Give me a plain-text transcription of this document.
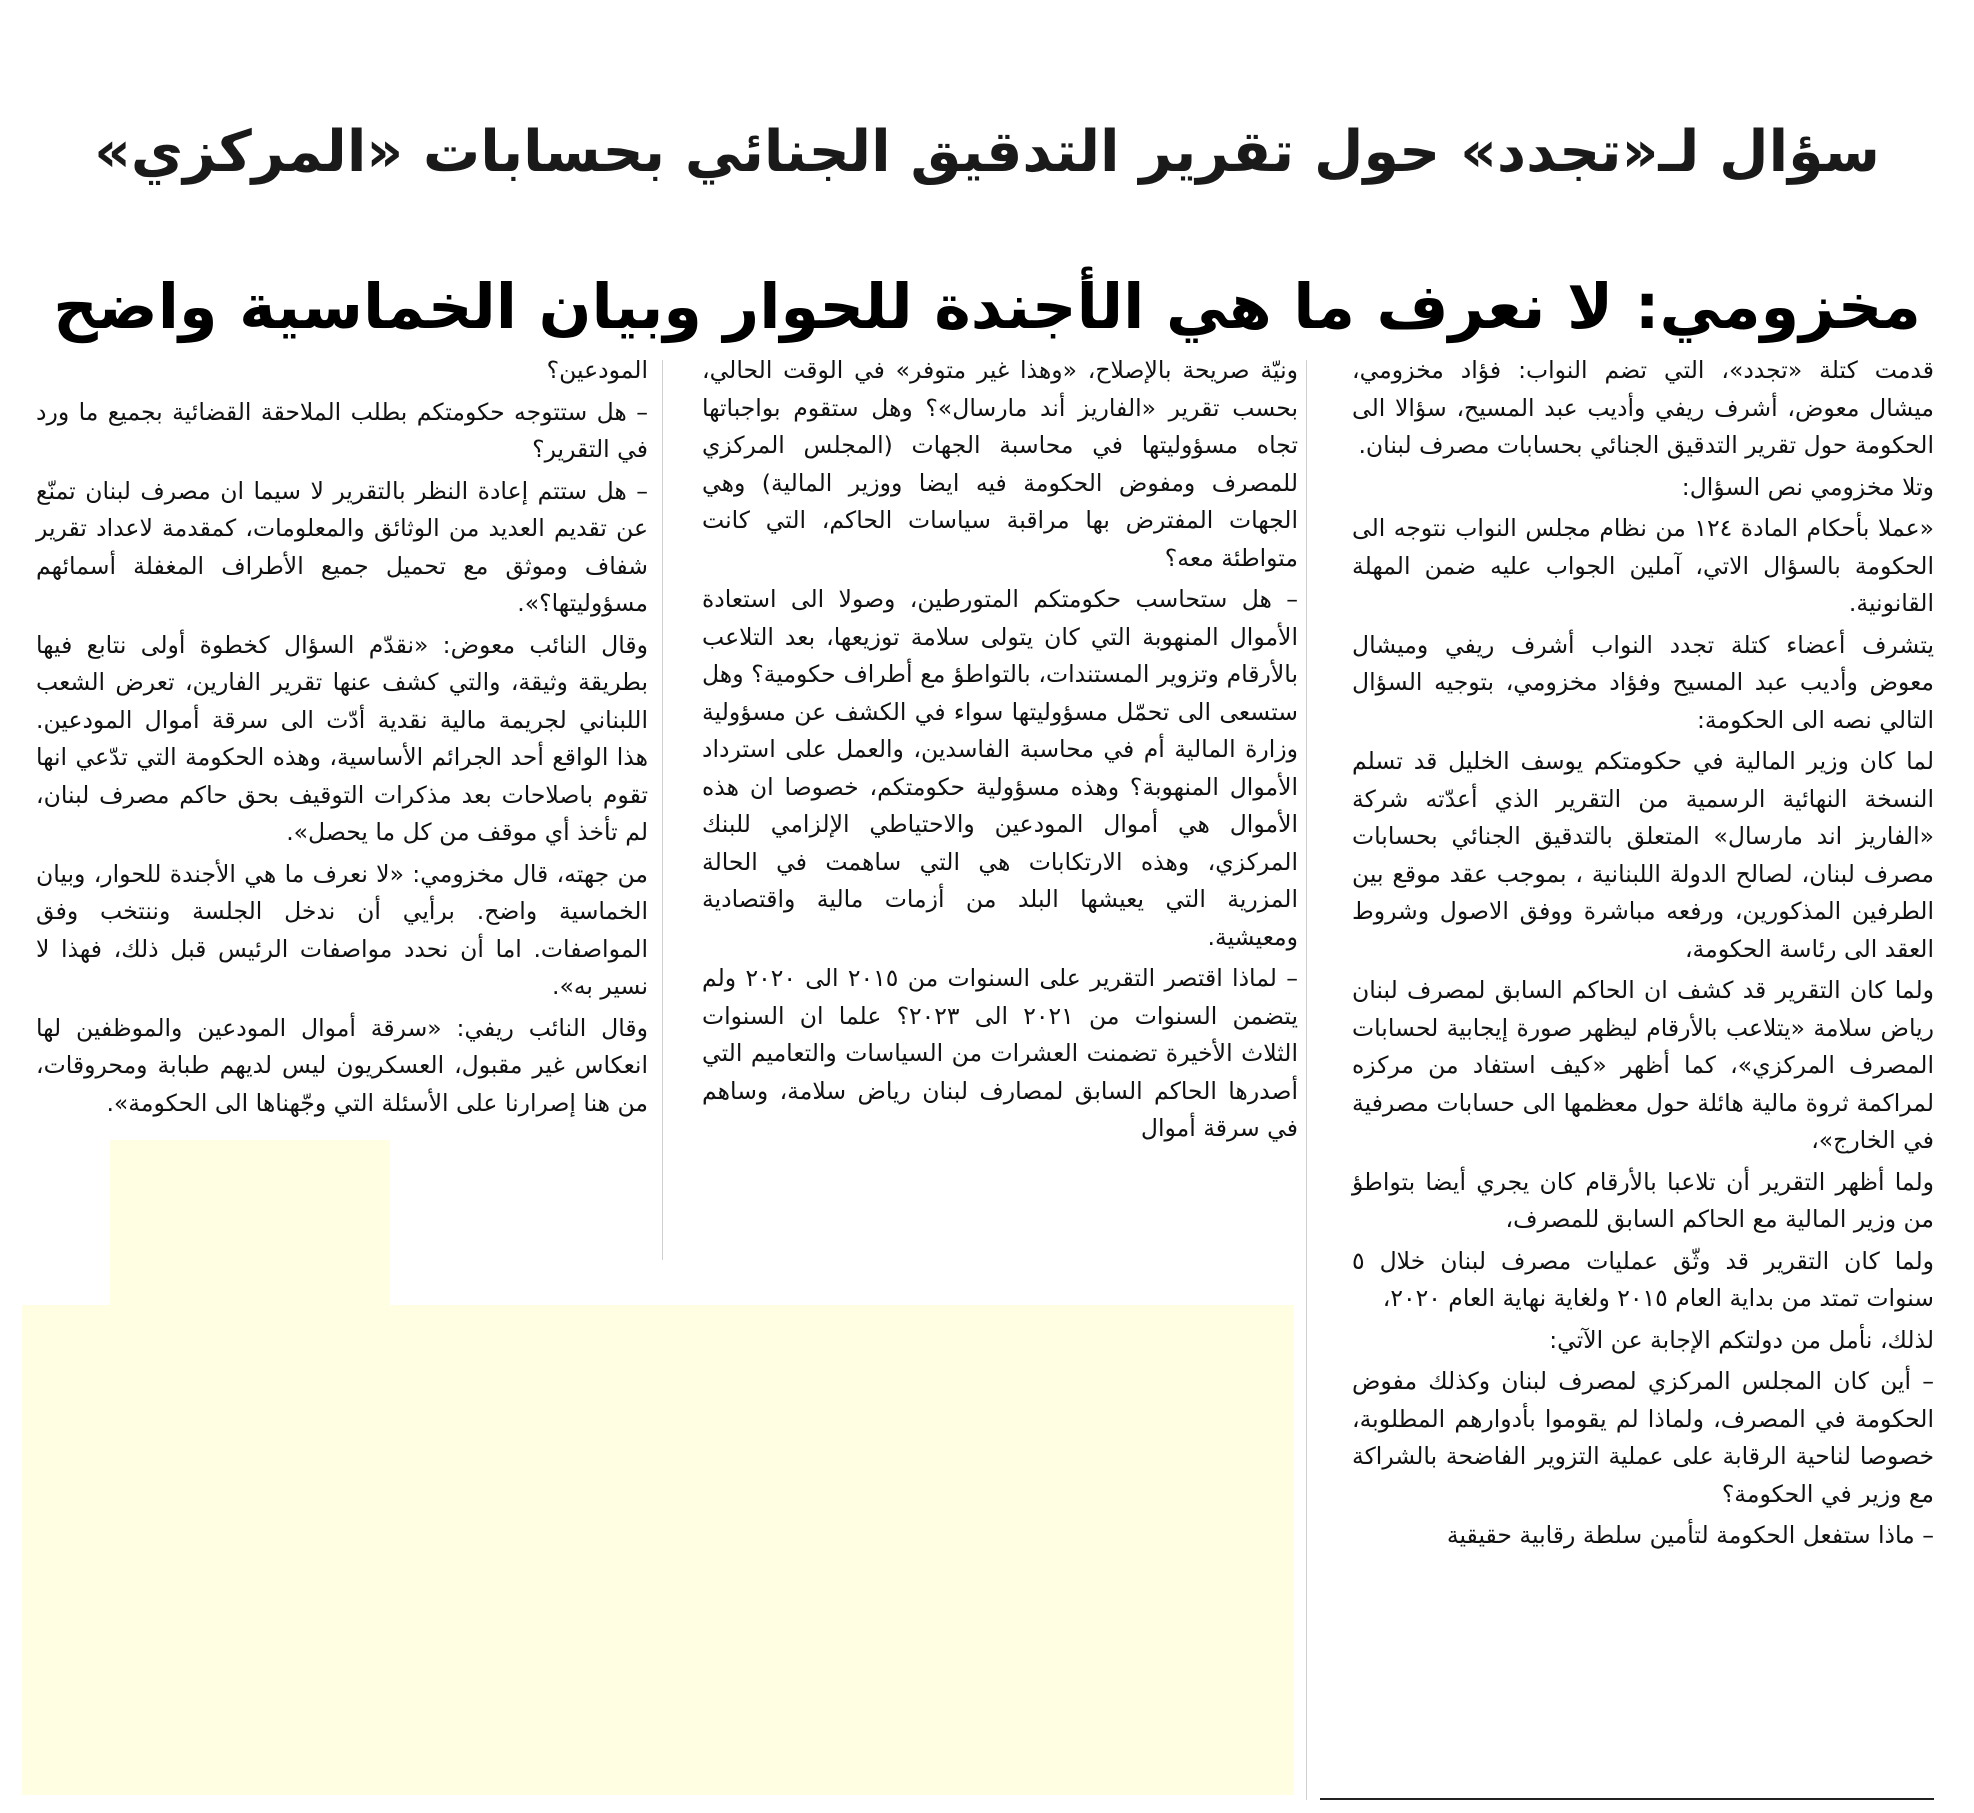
سؤال لـ«تجدد» حول تقرير التدقيق الجنائي بحسابات «المركزي»
مخزومي: لا نعرف ما هي الأجندة للحوار وبيان الخماسية واضح

قدمت كتلة «تجدد»، التي تضم النواب: فؤاد مخزومي، ميشال معوض، أشرف ريفي وأديب عبد المسيح، سؤالا الى الحكومة حول تقرير التدقيق الجنائي بحسابات مصرف لبنان.

وتلا مخزومي نص السؤال:

«عملا بأحكام المادة ١٢٤ من نظام مجلس النواب نتوجه الى الحكومة بالسؤال الاتي، آملين الجواب عليه ضمن المهلة القانونية.

يتشرف أعضاء كتلة تجدد النواب أشرف ريفي وميشال معوض وأديب عبد المسيح وفؤاد مخزومي، بتوجيه السؤال التالي نصه الى الحكومة:

لما كان وزير المالية في حكومتكم يوسف الخليل قد تسلم النسخة النهائية الرسمية من التقرير الذي أعدّته شركة «الفاريز اند مارسال» المتعلق بالتدقيق الجنائي بحسابات مصرف لبنان، لصالح الدولة اللبنانية ، بموجب عقد موقع بين الطرفين المذكورين، ورفعه مباشرة ووفق الاصول وشروط العقد الى رئاسة الحكومة،

ولما كان التقرير قد كشف ان الحاكم السابق لمصرف لبنان رياض سلامة «يتلاعب بالأرقام ليظهر صورة إيجابية لحسابات المصرف المركزي»، كما أظهر «كيف استفاد من مركزه لمراكمة ثروة مالية هائلة حول معظمها الى حسابات مصرفية في الخارج»،

ولما أظهر التقرير أن تلاعبا بالأرقام كان يجري أيضا بتواطؤ من وزير المالية مع الحاكم السابق للمصرف،

ولما كان التقرير قد وثّق عمليات مصرف لبنان خلال ٥ سنوات تمتد من بداية العام ٢٠١٥ ولغاية نهاية العام ٢٠٢٠،

لذلك، نأمل من دولتكم الإجابة عن الآتي:

– أين كان المجلس المركزي لمصرف لبنان وكذلك مفوض الحكومة في المصرف، ولماذا لم يقوموا بأدوارهم المطلوبة، خصوصا لناحية الرقابة على عملية التزوير الفاضحة بالشراكة مع وزير في الحكومة؟

– ماذا ستفعل الحكومة لتأمين سلطة رقابية حقيقية

ونيّة صريحة بالإصلاح، «وهذا غير متوفر» في الوقت الحالي، بحسب تقرير «الفاريز أند مارسال»؟ وهل ستقوم بواجباتها تجاه مسؤوليتها في محاسبة الجهات (المجلس المركزي للمصرف ومفوض الحكومة فيه ايضا ووزير المالية) وهي الجهات المفترض بها مراقبة سياسات الحاكم، التي كانت متواطئة معه؟

– هل ستحاسب حكومتكم المتورطين، وصولا الى استعادة الأموال المنهوبة التي كان يتولى سلامة توزيعها، بعد التلاعب بالأرقام وتزوير المستندات، بالتواطؤ مع أطراف حكومية؟ وهل ستسعى الى تحمّل مسؤوليتها سواء في الكشف عن مسؤولية وزارة المالية أم في محاسبة الفاسدين، والعمل على استرداد الأموال المنهوبة؟ وهذه مسؤولية حكومتكم، خصوصا ان هذه الأموال هي أموال المودعين والاحتياطي الإلزامي للبنك المركزي، وهذه الارتكابات هي التي ساهمت في الحالة المزرية التي يعيشها البلد من أزمات مالية واقتصادية ومعيشية.

– لماذا اقتصر التقرير على السنوات من ٢٠١٥ الى ٢٠٢٠ ولم يتضمن السنوات من ٢٠٢١ الى ٢٠٢٣؟ علما ان السنوات الثلاث الأخيرة تضمنت العشرات من السياسات والتعاميم التي أصدرها الحاكم السابق لمصارف لبنان رياض سلامة، وساهم في سرقة أموال

المودعين؟

– هل ستتوجه حكومتكم بطلب الملاحقة القضائية بجميع ما ورد في التقرير؟

– هل ستتم إعادة النظر بالتقرير لا سيما ان مصرف لبنان تمنّع عن تقديم العديد من الوثائق والمعلومات، كمقدمة لاعداد تقرير شفاف وموثق مع تحميل جميع الأطراف المغفلة أسمائهم مسؤوليتها؟».

وقال النائب معوض: «نقدّم السؤال كخطوة أولى نتابع فيها بطريقة وثيقة، والتي كشف عنها تقرير الفارين، تعرض الشعب اللبناني لجريمة مالية نقدية أدّت الى سرقة أموال المودعين. هذا الواقع أحد الجرائم الأساسية، وهذه الحكومة التي تدّعي انها تقوم باصلاحات بعد مذكرات التوقيف بحق حاكم مصرف لبنان، لم تأخذ أي موقف من كل ما يحصل».

من جهته، قال مخزومي: «لا نعرف ما هي الأجندة للحوار، وبيان الخماسية واضح. برأيي أن ندخل الجلسة وننتخب وفق المواصفات. اما أن نحدد مواصفات الرئيس قبل ذلك، فهذا لا نسير به».

وقال النائب ريفي: «سرقة أموال المودعين والموظفين لها انعكاس غير مقبول، العسكريون ليس لديهم طبابة ومحروقات، من هنا إصرارنا على الأسئلة التي وجّهناها الى الحكومة».
